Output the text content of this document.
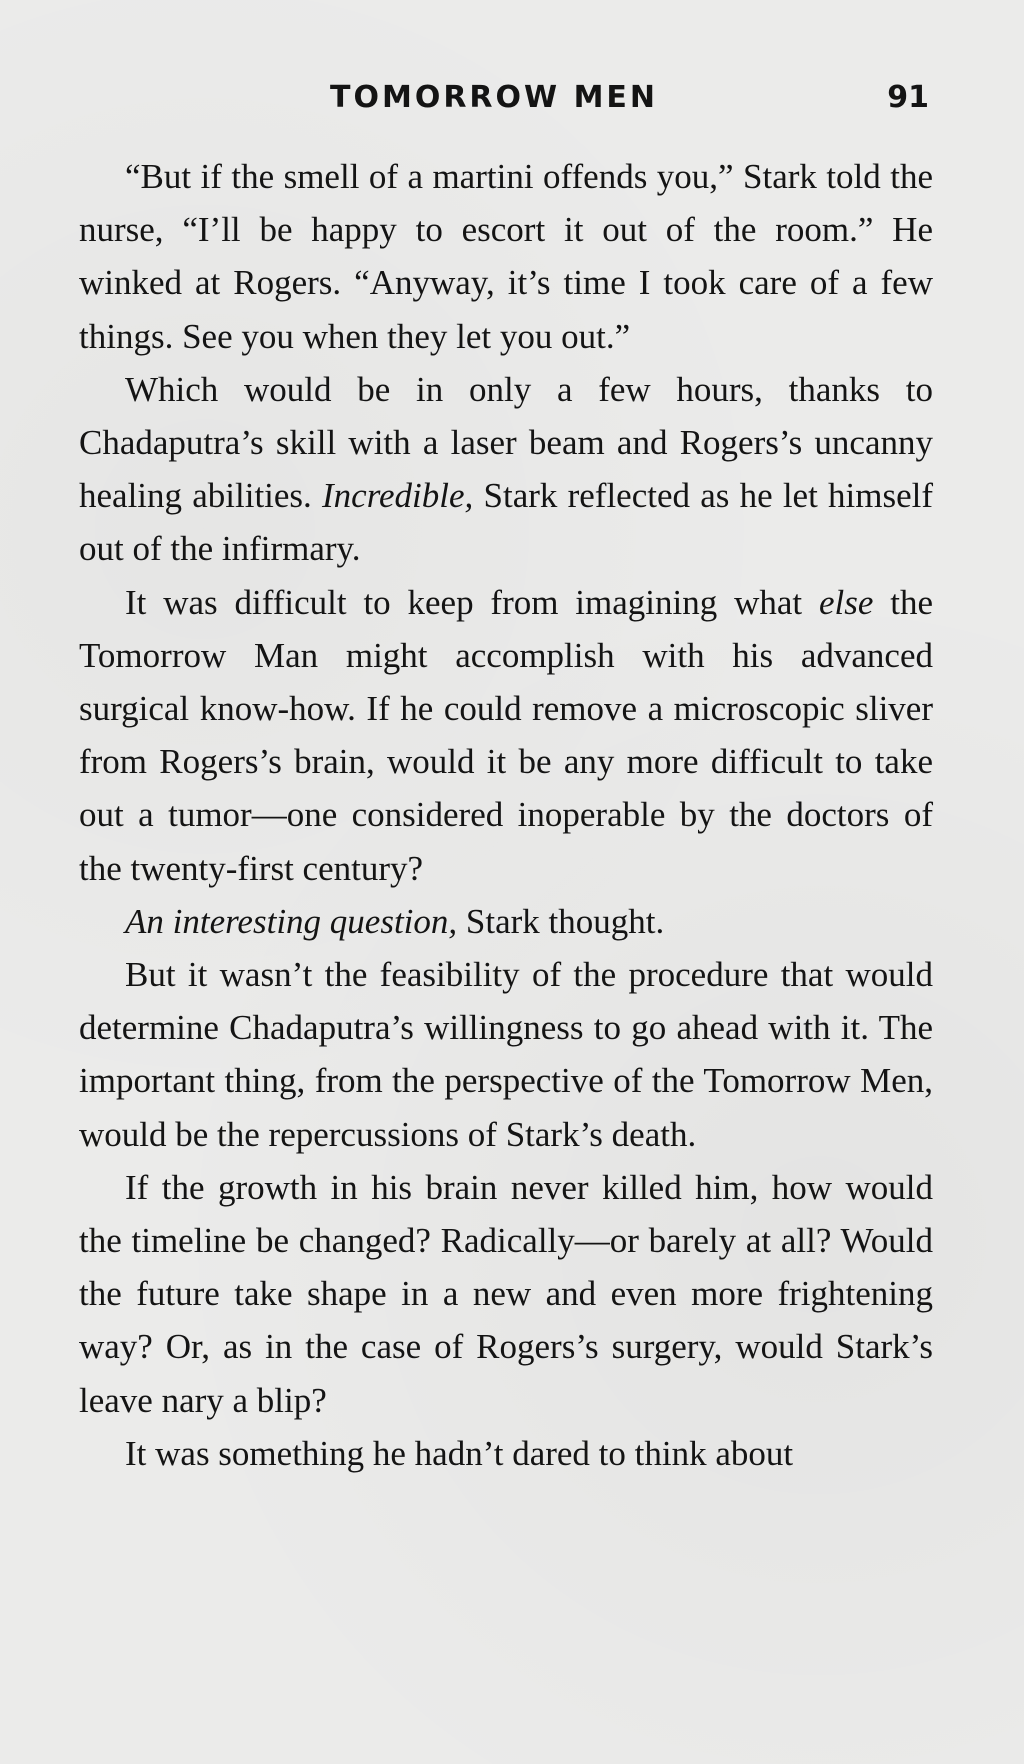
TOMORROW MEN	91

“But if the smell of a martini offends you,” Stark told the nurse, “I’ll be happy to escort it out of the room.” He winked at Rogers. “Anyway, it’s time I took care of a few things. See you when they let you out.”

Which would be in only a few hours, thanks to Chadaputra’s skill with a laser beam and Rogers’s uncanny healing abilities. Incredible, Stark reflected as he let himself out of the infirmary.

It was difficult to keep from imagining what else the Tomorrow Man might accomplish with his advanced surgical know-how. If he could remove a microscopic sliver from Rogers’s brain, would it be any more difficult to take out a tumor—one considered inoperable by the doctors of the twenty-first century?

An interesting question, Stark thought.

But it wasn’t the feasibility of the procedure that would determine Chadaputra’s willingness to go ahead with it. The important thing, from the perspective of the Tomorrow Men, would be the repercussions of Stark’s death.

If the growth in his brain never killed him, how would the timeline be changed? Radically—or barely at all? Would the future take shape in a new and even more frightening way? Or, as in the case of Rogers’s surgery, would Stark’s leave nary a blip?

It was something he hadn’t dared to think about
